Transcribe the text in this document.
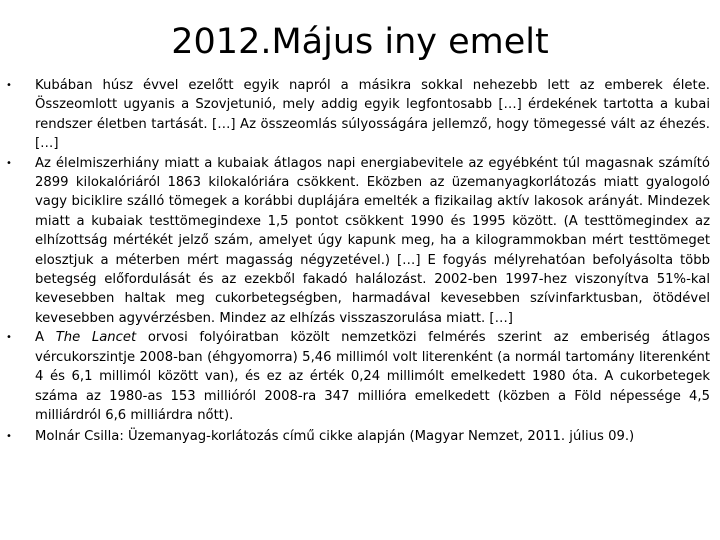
2012.Május iny emelt
• Kubában húsz évvel ezelőtt egyik napról a másikra sokkal nehezebb lett az emberek élete. Összeomlott ugyanis a Szovjetunió, mely addig egyik legfontosabb […] érdekének tartotta a kubai rendszer életben tartását. […] Az összeomlás súlyosságára jellemző, hogy tömegessé vált az éhezés. […]
• Az élelmiszerhiány miatt a kubaiak átlagos napi energiabevitele az egyébként túl magasnak számító 2899 kilokalóriáról 1863 kilokalóriára csökkent. Eközben az üzemanyagkorlátozás miatt gyalogoló vagy biciklire szálló tömegek a korábbi duplájára emelték a fizikailag aktív lakosok arányát. Mindezek miatt a kubaiak testtömegindexe 1,5 pontot csökkent 1990 és 1995 között. (A testtömegindex az elhízottság mértékét jelző szám, amelyet úgy kapunk meg, ha a kilogrammokban mért testtömeget elosztjuk a méterben mért magasság négyzetével.) […] E fogyás mélyrehatóan befolyásolta több betegség előfordulását és az ezekből fakadó halálozást. 2002-ben 1997-hez viszonyítva 51%-kal kevesebben haltak meg cukorbetegségben, harmadával kevesebben szívinfarktusban, ötödével kevesebben agyvérzésben. Mindez az elhízás visszaszorulása miatt. […]
• A The Lancet orvosi folyóiratban közölt nemzetközi felmérés szerint az emberiség átlagos vércukorszintje 2008-ban (éhgyomorra) 5,46 millimól volt literenként (a normál tartomány literenként 4 és 6,1 millimól között van), és ez az érték 0,24 millimólt emelkedett 1980 óta. A cukorbetegek száma az 1980-as 153 millióról 2008-ra 347 millióra emelkedett (közben a Föld népessége 4,5 milliárdról 6,6 milliárdra nőtt).
• Molnár Csilla: Üzemanyag-korlátozás című cikke alapján (Magyar Nemzet, 2011. július 09.)
